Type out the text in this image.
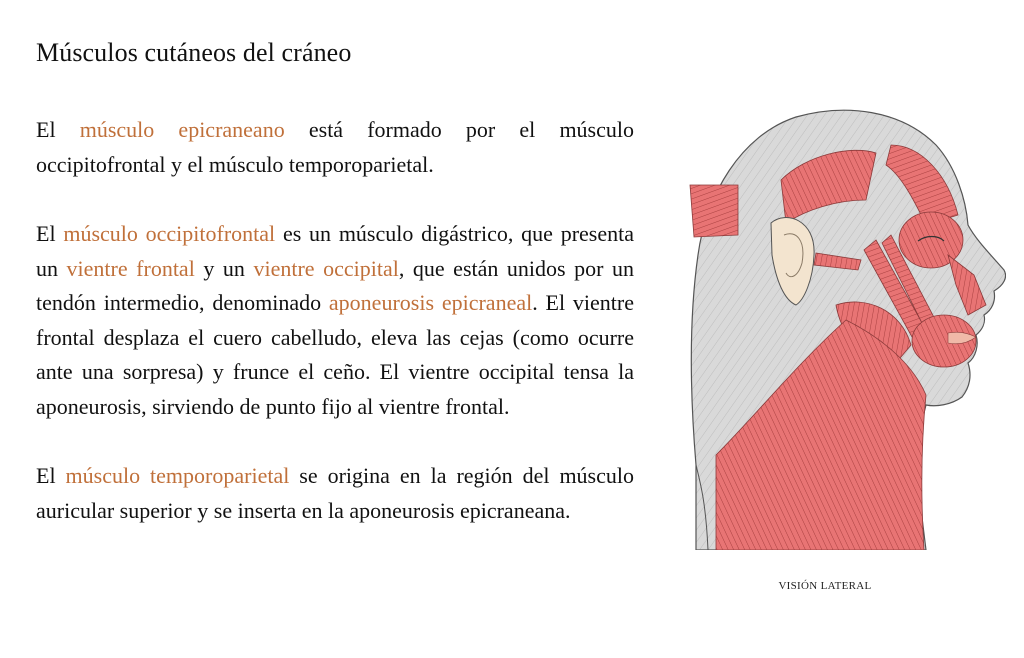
Músculos cutáneos del cráneo

El músculo epicraneano está formado por el músculo occipitofrontal y el músculo temporoparietal.

El músculo occipitofrontal es un músculo digástrico, que presenta un vientre frontal y un vientre occipital, que están unidos por un tendón intermedio, denominado aponeurosis epicraneal. El vientre frontal desplaza el cuero cabelludo, eleva las cejas (como ocurre ante una sorpresa) y frunce el ceño. El vientre occipital tensa la aponeurosis, sirviendo de punto fijo al vientre frontal.

El músculo temporoparietal se origina en la región del músculo auricular superior y se inserta en la aponeurosis epicraneana.

VISIÓN LATERAL
